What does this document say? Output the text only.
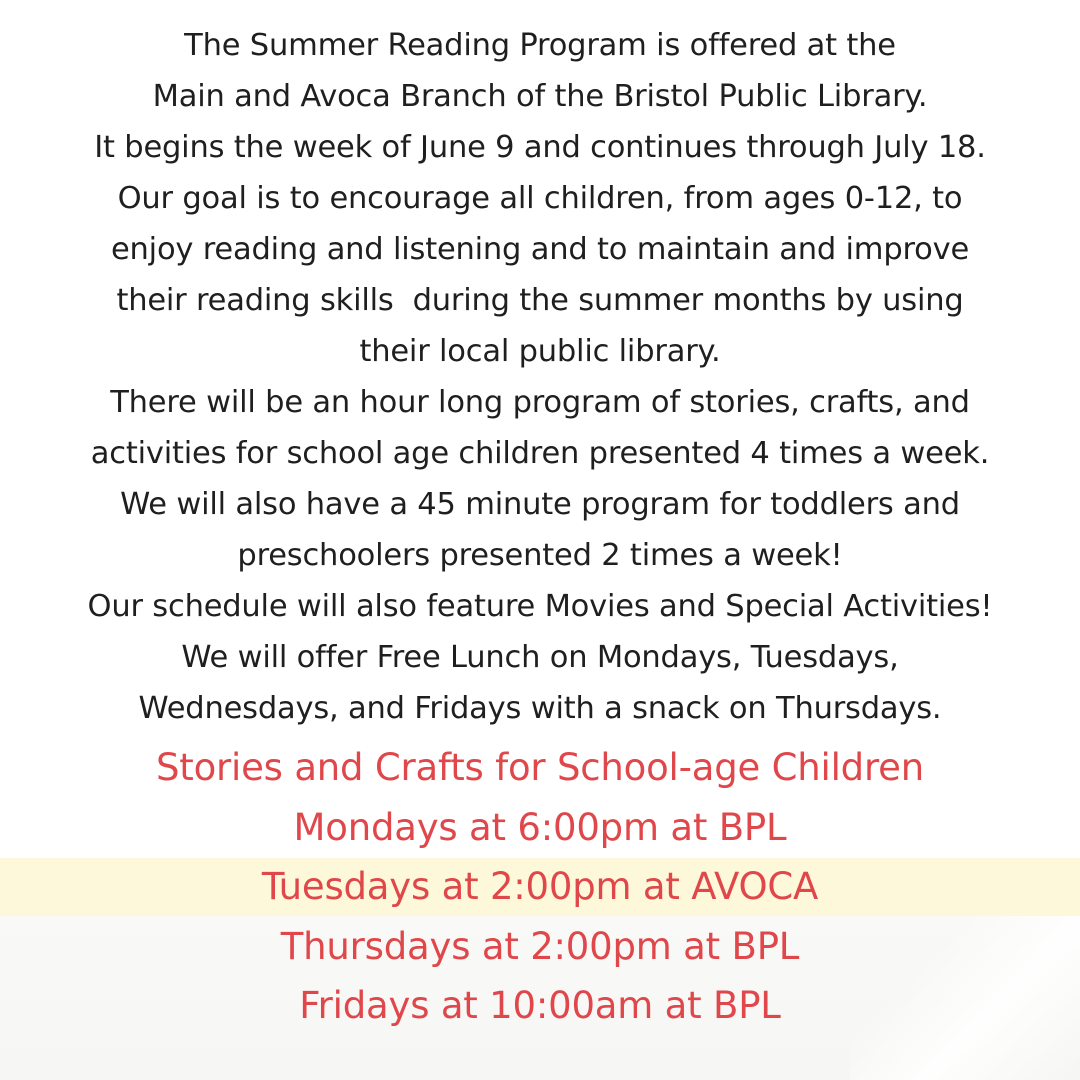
The Summer Reading Program is offered at the
Main and Avoca Branch of the Bristol Public Library.
It begins the week of June 9 and continues through July 18.
Our goal is to encourage all children, from ages 0-12, to
enjoy reading and listening and to maintain and improve
their reading skills  during the summer months by using
their local public library.
There will be an hour long program of stories, crafts, and
activities for school age children presented 4 times a week.
We will also have a 45 minute program for toddlers and
preschoolers presented 2 times a week!
Our schedule will also feature Movies and Special Activities!
We will offer Free Lunch on Mondays, Tuesdays,
Wednesdays, and Fridays with a snack on Thursdays.
Stories and Crafts for School-age Children
Mondays at 6:00pm at BPL
Tuesdays at 2:00pm at AVOCA
Thursdays at 2:00pm at BPL
Fridays at 10:00am at BPL
